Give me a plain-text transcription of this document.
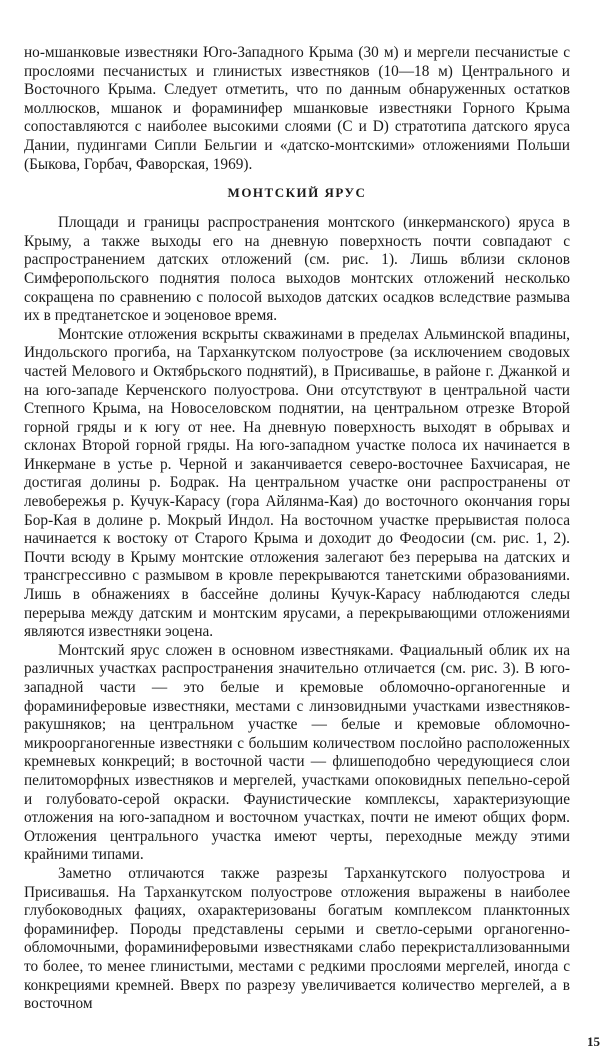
но-мшанковые известняки Юго-Западного Крыма (30 м) и мергели песчанистые с прослоями песчанистых и глинистых известняков (10—18 м) Центрального и Восточного Крыма. Следует отметить, что по данным обнаруженных остатков моллюсков, мшанок и фораминифер мшанковые известняки Горного Крыма сопоставляются с наиболее высокими слоями (C и D) стратотипа датского яруса Дании, пудингами Сипли Бельгии и «датско-монтскими» отложениями Польши (Быкова, Горбач, Фаворская, 1969).

МОНТСКИЙ ЯРУС

Площади и границы распространения монтского (инкерманского) яруса в Крыму, а также выходы его на дневную поверхность почти совпадают с распространением датских отложений (см. рис. 1). Лишь вблизи склонов Симферопольского поднятия полоса выходов монтских отложений несколько сокращена по сравнению с полосой выходов датских осадков вследствие размыва их в предтанетское и эоценовое время.

Монтские отложения вскрыты скважинами в пределах Альминской впадины, Индольского прогиба, на Тарханкутском полуострове (за исключением сводовых частей Мелового и Октябрьского поднятий), в Присивашье, в районе г. Джанкой и на юго-западе Керченского полуострова. Они отсутствуют в центральной части Степного Крыма, на Новоселовском поднятии, на центральном отрезке Второй горной гряды и к югу от нее. На дневную поверхность выходят в обрывах и склонах Второй горной гряды. На юго-западном участке полоса их начинается в Инкермане в устье р. Черной и заканчивается северо-восточнее Бахчисарая, не достигая долины р. Бодрак. На центральном участке они распространены от левобережья р. Кучук-Карасу (гора Айлянма-Кая) до восточного окончания горы Бор-Кая в долине р. Мокрый Индол. На восточном участке прерывистая полоса начинается к востоку от Старого Крыма и доходит до Феодосии (см. рис. 1, 2). Почти всюду в Крыму монтские отложения залегают без перерыва на датских и трансгрессивно с размывом в кровле перекрываются танетскими образованиями. Лишь в обнажениях в бассейне долины Кучук-Карасу наблюдаются следы перерыва между датским и монтским ярусами, а перекрывающими отложениями являются известняки эоцена.

Монтский ярус сложен в основном известняками. Фациальный облик их на различных участках распространения значительно отличается (см. рис. 3). В юго-западной части — это белые и кремовые обломочно-органогенные и фораминиферовые известняки, местами с линзовидными участками известняков-ракушняков; на центральном участке — белые и кремовые обломочно-микроорганогенные известняки с большим количеством послойно расположенных кремневых конкреций; в восточной части — флишеподобно чередующиеся слои пелитоморфных известняков и мергелей, участками опоковидных пепельно-серой и голубовато-серой окраски. Фаунистические комплексы, характеризующие отложения на юго-западном и восточном участках, почти не имеют общих форм. Отложения центрального участка имеют черты, переходные между этими крайними типами.

Заметно отличаются также разрезы Тарханкутского полуострова и Присивашья. На Тарханкутском полуострове отложения выражены в наиболее глубоководных фациях, охарактеризованы богатым комплексом планктонных фораминифер. Породы представлены серыми и светло-серыми органогенно-обломочными, фораминиферовыми известняками слабо перекристаллизованными то более, то менее глинистыми, местами с редкими прослоями мергелей, иногда с конкрециями кремней. Вверх по разрезу увеличивается количество мергелей, а в восточном

15
